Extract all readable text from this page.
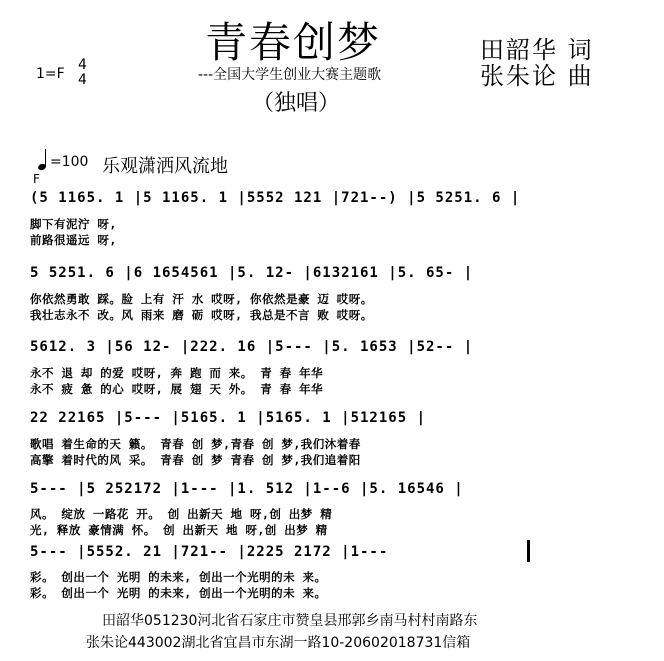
青春创梦
---全国大学生创业大赛主题歌
田韶华 词
张朱论 曲
1=F
4
4
（独唱）
=100 乐观潇洒风流地
F
(5 1165. 1 |5 1165. 1 |5552 121 |721--) |5 5251. 6 |
脚下有泥泞 呀,
前路很遥远 呀,
5 5251. 6 |6 1654561 |5. 12- |6132161 |5. 65- |
你依然勇敢 踩。脸 上有 汗 水 哎呀, 你依然是豪 迈 哎呀。
我壮志永不 改。风 雨来 磨 砺 哎呀, 我总是不言 败 哎呀。
5612. 3 |56 12- |222. 16 |5--- |5. 1653 |52-- |
永不 退 却 的爱 哎呀, 奔 跑 而 来。 青 春 年华
永不 疲 惫 的心 哎呀, 展 翅 天 外。 青 春 年华
22 22165 |5--- |5165. 1 |5165. 1 |512165 |
歌唱 着生命的天 籁。 青春 创 梦,青春 创 梦,我们沐着春
高擎 着时代的风 采。 青春 创 梦 青春 创 梦,我们追着阳
5--- |5 252172 |1--- |1. 512 |1--6 |5. 16546 |
风。 绽放 一路花 开。 创 出新天 地 呀,创 出梦 精
光, 释放 豪情满 怀。 创 出新天 地 呀,创 出梦 精
5--- |5552. 21 |721-- |2225 2172 |1---
彩。 创出一个 光明 的未来, 创出一个光明的未 来。
彩。 创出一个 光明 的未来, 创出一个光明的未 来。
田韶华051230河北省石家庄市赞皇县邢郭乡南马村村南路东
张朱论443002湖北省宜昌市东湖一路10-20602018731信箱
